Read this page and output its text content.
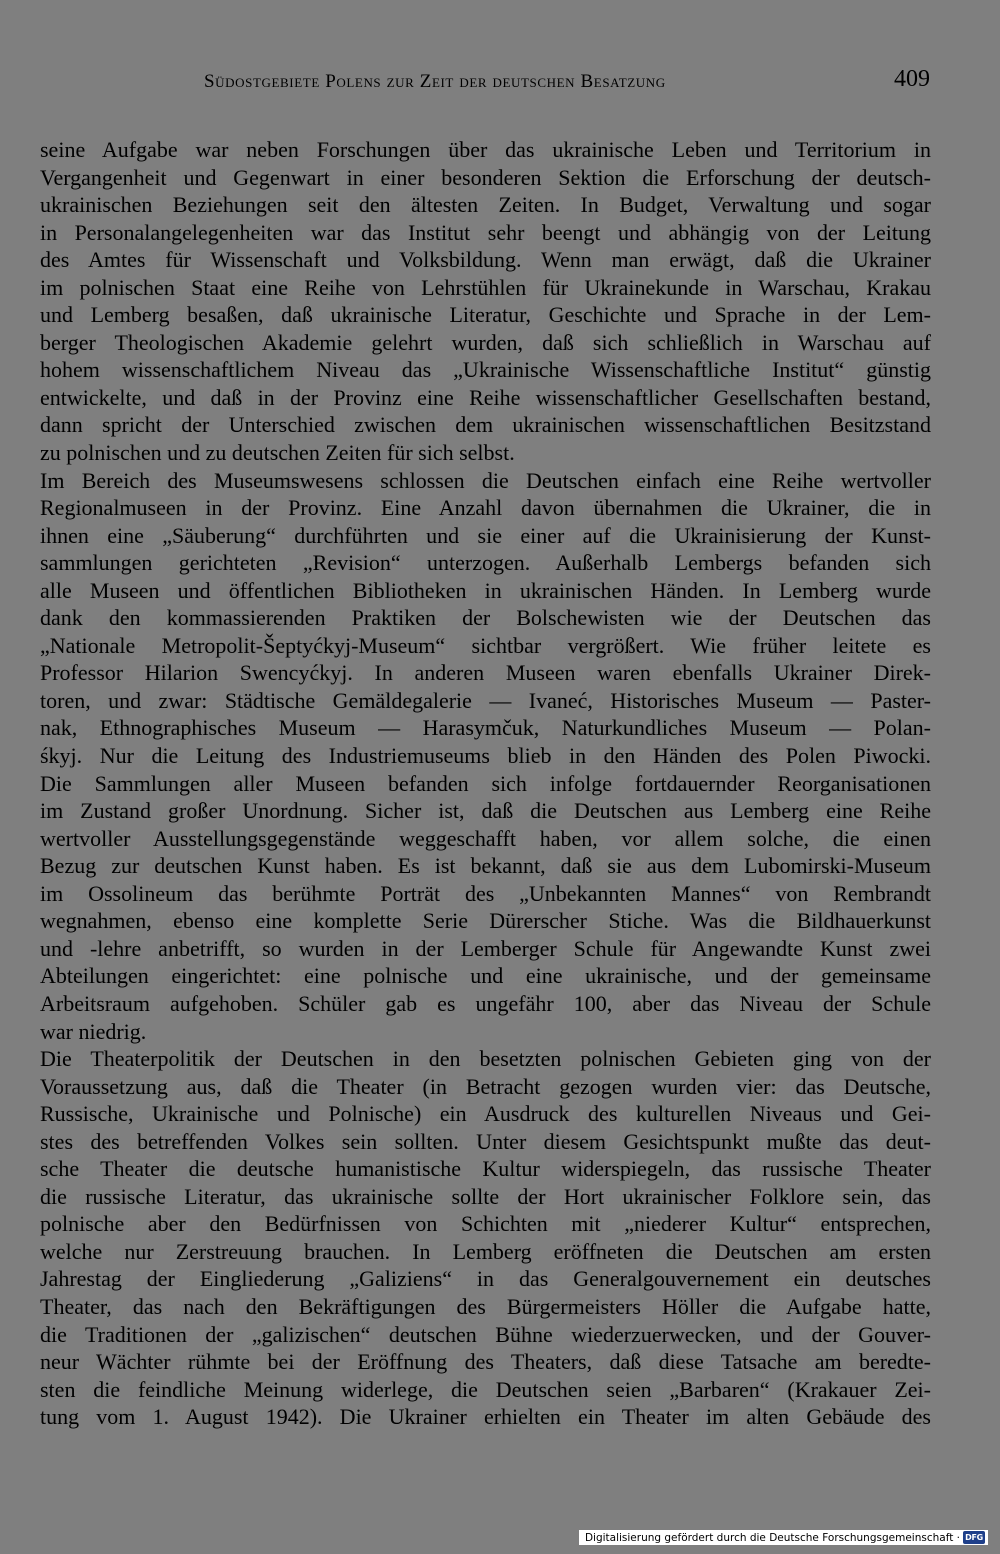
Südostgebiete Polens zur Zeit der deutschen Besatzung	409
seine Aufgabe war neben Forschungen über das ukrainische Leben und Territorium in
Vergangenheit und Gegenwart in einer besonderen Sektion die Erforschung der deutsch-
ukrainischen Beziehungen seit den ältesten Zeiten. In Budget, Verwaltung und sogar
in Personalangelegenheiten war das Institut sehr beengt und abhängig von der Leitung
des Amtes für Wissenschaft und Volksbildung. Wenn man erwägt, daß die Ukrainer
im polnischen Staat eine Reihe von Lehrstühlen für Ukrainekunde in Warschau, Krakau
und Lemberg besaßen, daß ukrainische Literatur, Geschichte und Sprache in der Lem-
berger Theologischen Akademie gelehrt wurden, daß sich schließlich in Warschau auf
hohem wissenschaftlichem Niveau das „Ukrainische Wissenschaftliche Institut“ günstig
entwickelte, und daß in der Provinz eine Reihe wissenschaftlicher Gesellschaften bestand,
dann spricht der Unterschied zwischen dem ukrainischen wissenschaftlichen Besitzstand
zu polnischen und zu deutschen Zeiten für sich selbst.
Im Bereich des Museumswesens schlossen die Deutschen einfach eine Reihe wertvoller
Regionalmuseen in der Provinz. Eine Anzahl davon übernahmen die Ukrainer, die in
ihnen eine „Säuberung“ durchführten und sie einer auf die Ukrainisierung der Kunst-
sammlungen gerichteten „Revision“ unterzogen. Außerhalb Lembergs befanden sich
alle Museen und öffentlichen Bibliotheken in ukrainischen Händen. In Lemberg wurde
dank den kommassierenden Praktiken der Bolschewisten wie der Deutschen das
„Nationale Metropolit-Šeptyćkyj-Museum“ sichtbar vergrößert. Wie früher leitete es
Professor Hilarion Swencyćkyj. In anderen Museen waren ebenfalls Ukrainer Direk-
toren, und zwar: Städtische Gemäldegalerie — Ivaneć, Historisches Museum — Paster-
nak, Ethnographisches Museum — Harasymčuk, Naturkundliches Museum — Polan-
śkyj. Nur die Leitung des Industriemuseums blieb in den Händen des Polen Piwocki.
Die Sammlungen aller Museen befanden sich infolge fortdauernder Reorganisationen
im Zustand großer Unordnung. Sicher ist, daß die Deutschen aus Lemberg eine Reihe
wertvoller Ausstellungsgegenstände weggeschafft haben, vor allem solche, die einen
Bezug zur deutschen Kunst haben. Es ist bekannt, daß sie aus dem Lubomirski-Museum
im Ossolineum das berühmte Porträt des „Unbekannten Mannes“ von Rembrandt
wegnahmen, ebenso eine komplette Serie Dürerscher Stiche. Was die Bildhauerkunst
und -lehre anbetrifft, so wurden in der Lemberger Schule für Angewandte Kunst zwei
Abteilungen eingerichtet: eine polnische und eine ukrainische, und der gemeinsame
Arbeitsraum aufgehoben. Schüler gab es ungefähr 100, aber das Niveau der Schule
war niedrig.
Die Theaterpolitik der Deutschen in den besetzten polnischen Gebieten ging von der
Voraussetzung aus, daß die Theater (in Betracht gezogen wurden vier: das Deutsche,
Russische, Ukrainische und Polnische) ein Ausdruck des kulturellen Niveaus und Gei-
stes des betreffenden Volkes sein sollten. Unter diesem Gesichtspunkt mußte das deut-
sche Theater die deutsche humanistische Kultur widerspiegeln, das russische Theater
die russische Literatur, das ukrainische sollte der Hort ukrainischer Folklore sein, das
polnische aber den Bedürfnissen von Schichten mit „niederer Kultur“ entsprechen,
welche nur Zerstreuung brauchen. In Lemberg eröffneten die Deutschen am ersten
Jahrestag der Eingliederung „Galiziens“ in das Generalgouvernement ein deutsches
Theater, das nach den Bekräftigungen des Bürgermeisters Höller die Aufgabe hatte,
die Traditionen der „galizischen“ deutschen Bühne wiederzuerwecken, und der Gouver-
neur Wächter rühmte bei der Eröffnung des Theaters, daß diese Tatsache am beredte-
sten die feindliche Meinung widerlege, die Deutschen seien „Barbaren“ (Krakauer Zei-
tung vom 1. August 1942). Die Ukrainer erhielten ein Theater im alten Gebäude des
Digitalisierung gefördert durch die Deutsche Forschungsgemeinschaft · DFG
